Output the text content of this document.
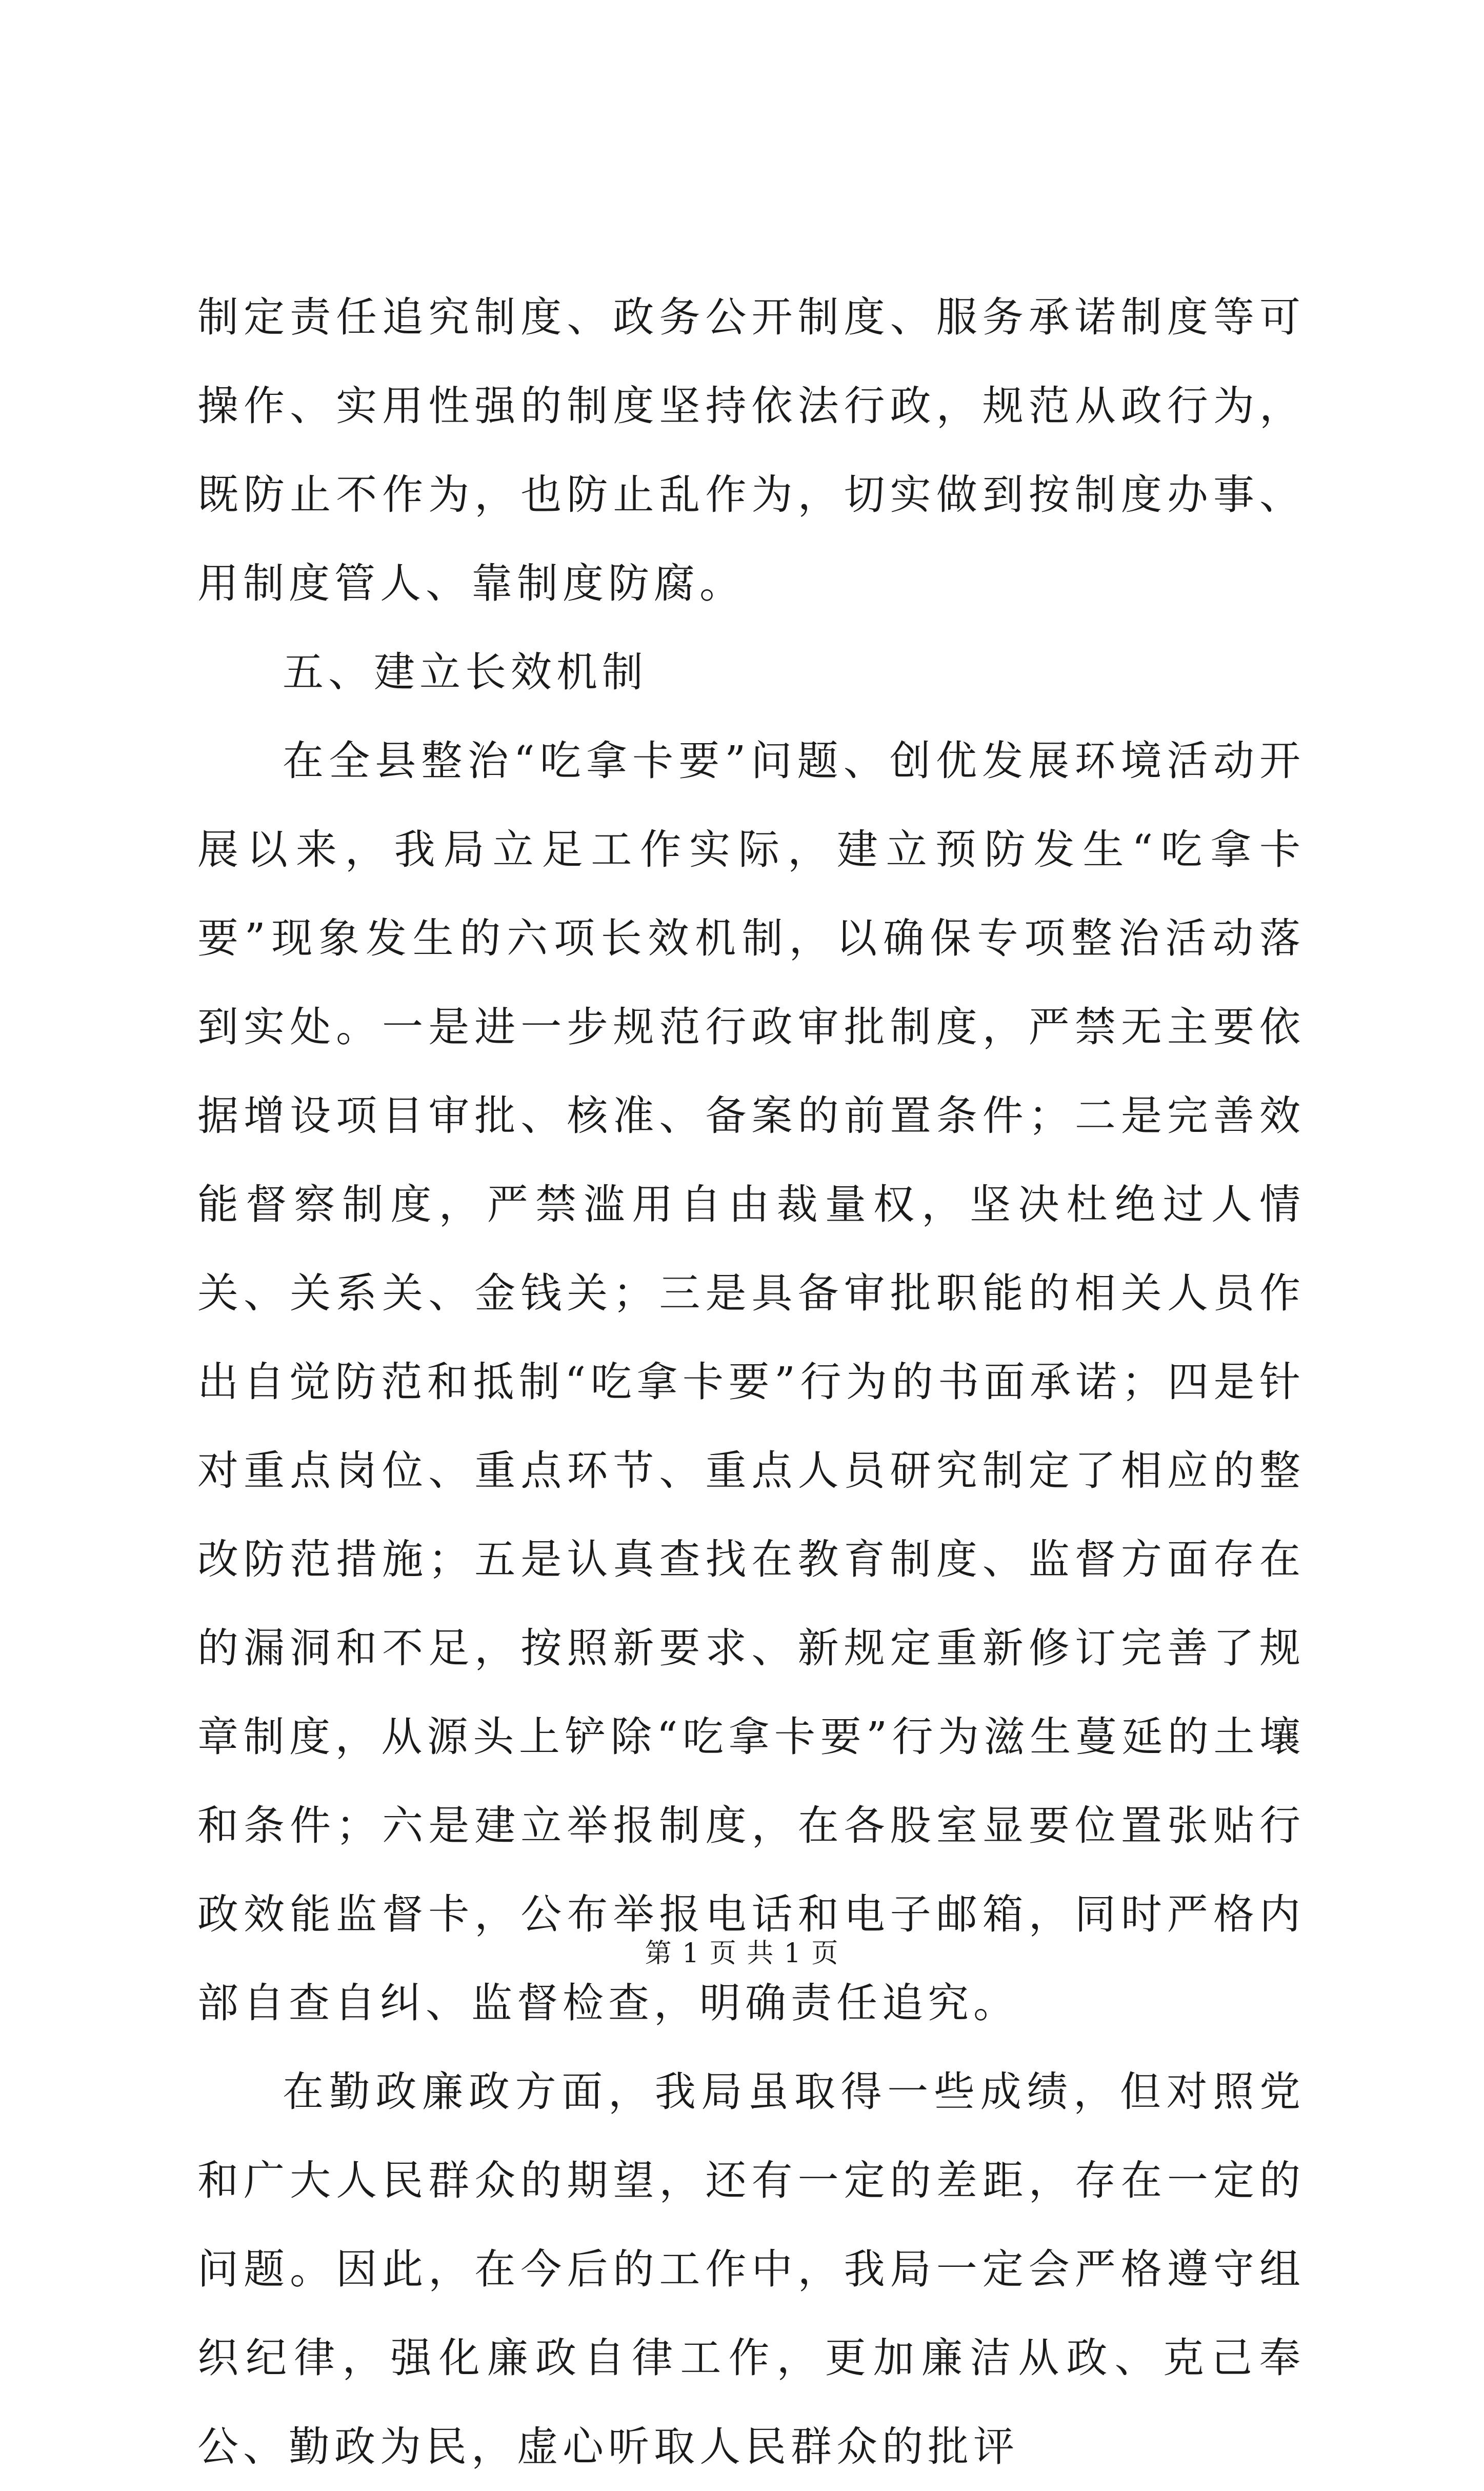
制定责任追究制度、政务公开制度、服务承诺制度等可操作、实用性强的制度坚持依法行政，规范从政行为，既防止不作为，也防止乱作为，切实做到按制度办事、用制度管人、靠制度防腐。

五、建立长效机制

在全县整治“吃拿卡要”问题、创优发展环境活动开展以来，我局立足工作实际，建立预防发生“吃拿卡要”现象发生的六项长效机制，以确保专项整治活动落到实处。一是进一步规范行政审批制度，严禁无主要依据增设项目审批、核准、备案的前置条件；二是完善效能督察制度，严禁滥用自由裁量权，坚决杜绝过人情关、关系关、金钱关；三是具备审批职能的相关人员作出自觉防范和抵制“吃拿卡要”行为的书面承诺；四是针对重点岗位、重点环节、重点人员研究制定了相应的整改防范措施；五是认真查找在教育制度、监督方面存在的漏洞和不足，按照新要求、新规定重新修订完善了规章制度，从源头上铲除“吃拿卡要”行为滋生蔓延的土壤和条件；六是建立举报制度，在各股室显要位置张贴行政效能监督卡，公布举报电话和电子邮箱，同时严格内部自查自纠、监督检查，明确责任追究。

在勤政廉政方面，我局虽取得一些成绩，但对照党和广大人民群众的期望，还有一定的差距，存在一定的问题。因此，在今后的工作中，我局一定会严格遵守组织纪律，强化廉政自律工作，更加廉洁从政、克己奉公、勤政为民，虚心听取人民群众的批评

第 1 页 共 1 页
